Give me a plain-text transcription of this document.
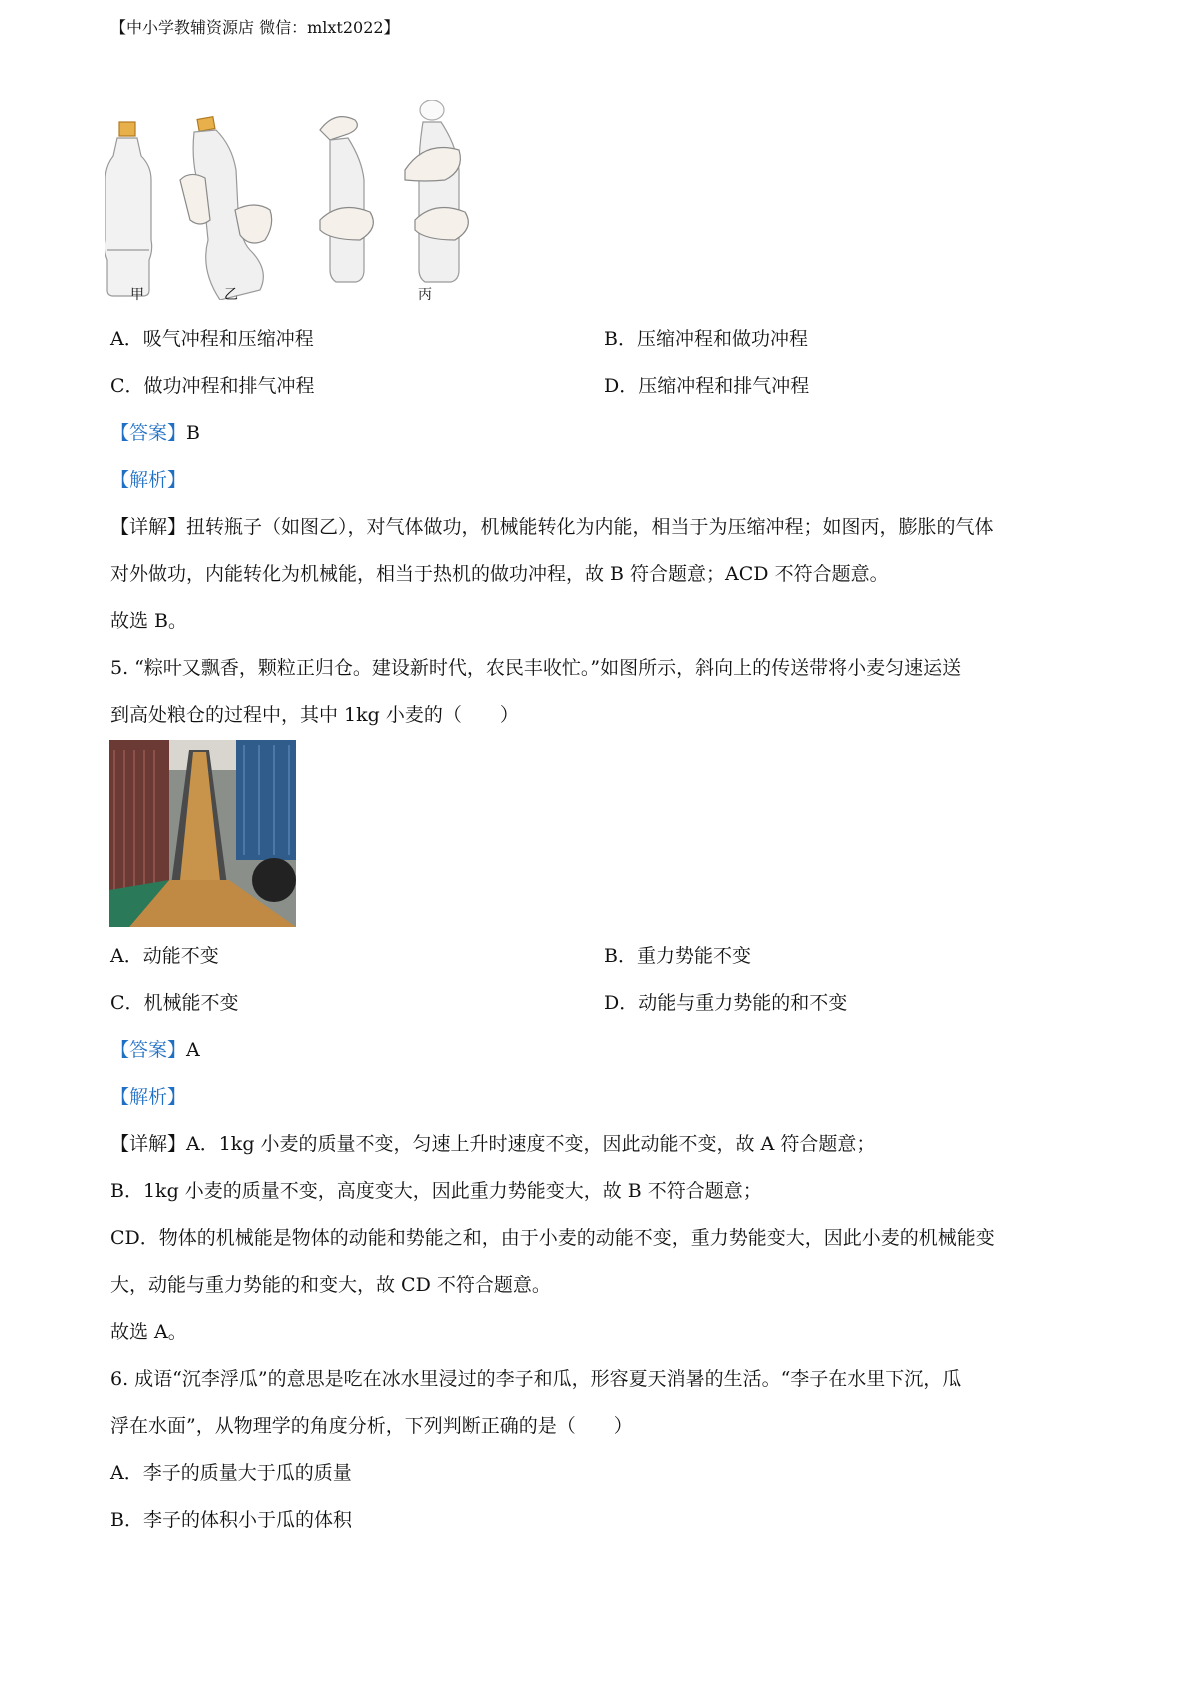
【中小学教辅资源店 微信：mlxt2022】
甲	乙	丙
A．吸气冲程和压缩冲程	B．压缩冲程和做功冲程
C．做功冲程和排气冲程	D．压缩冲程和排气冲程
【答案】B
【解析】
【详解】扭转瓶子（如图乙），对气体做功，机械能转化为内能，相当于为压缩冲程；如图丙，膨胀的气体
对外做功，内能转化为机械能，相当于热机的做功冲程，故 B 符合题意；ACD 不符合题意。
故选 B。
5. “粽叶又飘香，颗粒正归仓。建设新时代，农民丰收忙。”如图所示，斜向上的传送带将小麦匀速运送
到高处粮仓的过程中，其中 1kg 小麦的（　　）
A．动能不变	B．重力势能不变
C．机械能不变	D．动能与重力势能的和不变
【答案】A
【解析】
【详解】A．1kg 小麦的质量不变，匀速上升时速度不变，因此动能不变，故 A 符合题意；
B．1kg 小麦的质量不变，高度变大，因此重力势能变大，故 B 不符合题意；
CD．物体的机械能是物体的动能和势能之和，由于小麦的动能不变，重力势能变大，因此小麦的机械能变
大，动能与重力势能的和变大，故 CD 不符合题意。
故选 A。
6. 成语“沉李浮瓜”的意思是吃在冰水里浸过的李子和瓜，形容夏天消暑的生活。“李子在水里下沉，瓜
浮在水面”，从物理学的角度分析，下列判断正确的是（　　）
A．李子的质量大于瓜的质量
B．李子的体积小于瓜的体积
